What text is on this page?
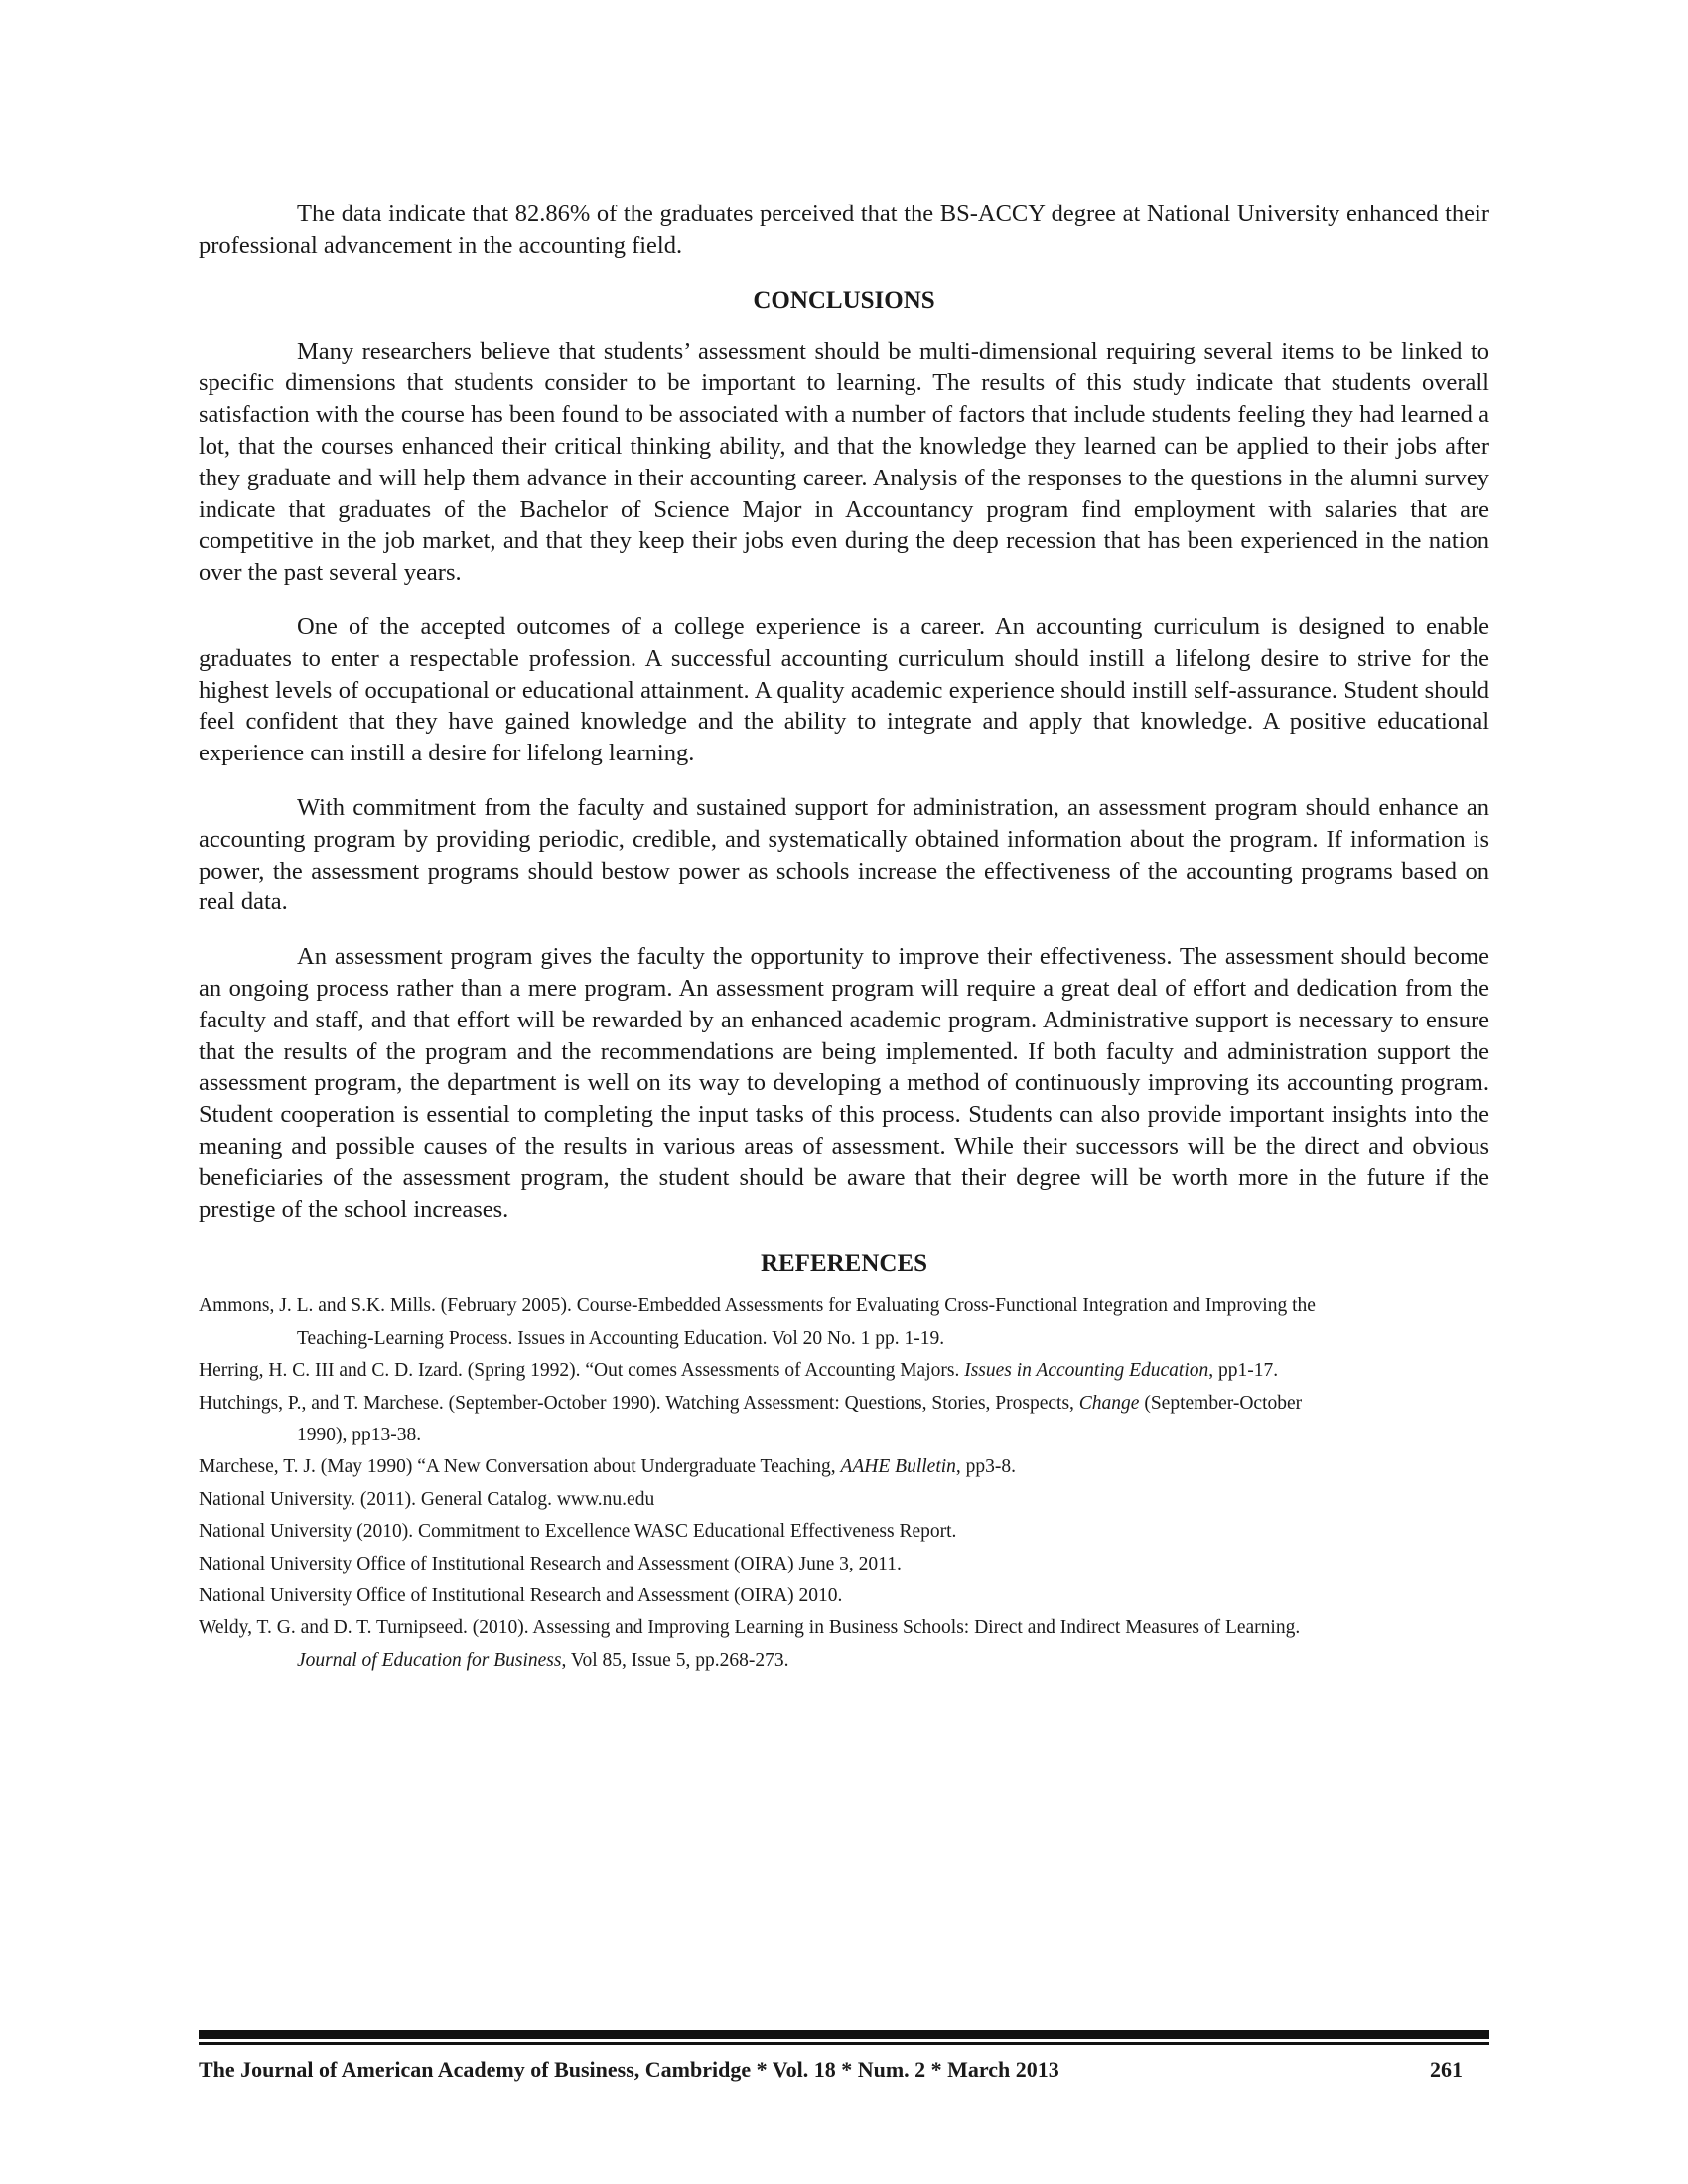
The data indicate that 82.86% of the graduates perceived that the BS-ACCY degree at National University enhanced their professional advancement in the accounting field.

CONCLUSIONS

Many researchers believe that students’ assessment should be multi-dimensional requiring several items to be linked to specific dimensions that students consider to be important to learning. The results of this study indicate that students overall satisfaction with the course has been found to be associated with a number of factors that include students feeling they had learned a lot, that the courses enhanced their critical thinking ability, and that the knowledge they learned can be applied to their jobs after they graduate and will help them advance in their accounting career. Analysis of the responses to the questions in the alumni survey indicate that graduates of the Bachelor of Science Major in Accountancy program find employment with salaries that are competitive in the job market, and that they keep their jobs even during the deep recession that has been experienced in the nation over the past several years.

One of the accepted outcomes of a college experience is a career. An accounting curriculum is designed to enable graduates to enter a respectable profession. A successful accounting curriculum should instill a lifelong desire to strive for the highest levels of occupational or educational attainment. A quality academic experience should instill self-assurance. Student should feel confident that they have gained knowledge and the ability to integrate and apply that knowledge. A positive educational experience can instill a desire for lifelong learning.

With commitment from the faculty and sustained support for administration, an assessment program should enhance an accounting program by providing periodic, credible, and systematically obtained information about the program. If information is power, the assessment programs should bestow power as schools increase the effectiveness of the accounting programs based on real data.

An assessment program gives the faculty the opportunity to improve their effectiveness. The assessment should become an ongoing process rather than a mere program. An assessment program will require a great deal of effort and dedication from the faculty and staff, and that effort will be rewarded by an enhanced academic program. Administrative support is necessary to ensure that the results of the program and the recommendations are being implemented. If both faculty and administration support the assessment program, the department is well on its way to developing a method of continuously improving its accounting program. Student cooperation is essential to completing the input tasks of this process. Students can also provide important insights into the meaning and possible causes of the results in various areas of assessment. While their successors will be the direct and obvious beneficiaries of the assessment program, the student should be aware that their degree will be worth more in the future if the prestige of the school increases.

REFERENCES
Ammons, J. L. and S.K. Mills. (February 2005). Course-Embedded Assessments for Evaluating Cross-Functional Integration and Improving the
Teaching-Learning Process. Issues in Accounting Education. Vol 20 No. 1 pp. 1-19.
Herring, H. C. III and C. D. Izard. (Spring 1992). “Out comes Assessments of Accounting Majors. Issues in Accounting Education, pp1-17.
Hutchings, P., and T. Marchese. (September-October 1990). Watching Assessment: Questions, Stories, Prospects, Change (September-October
1990), pp13-38.
Marchese, T. J. (May 1990) “A New Conversation about Undergraduate Teaching, AAHE Bulletin, pp3-8.
National University. (2011). General Catalog. www.nu.edu
National University (2010). Commitment to Excellence WASC Educational Effectiveness Report.
National University Office of Institutional Research and Assessment (OIRA) June 3, 2011.
National University Office of Institutional Research and Assessment (OIRA) 2010.
Weldy, T. G. and D. T. Turnipseed. (2010). Assessing and Improving Learning in Business Schools: Direct and Indirect Measures of Learning.
Journal of Education for Business, Vol 85, Issue 5, pp.268-273.
The Journal of American Academy of Business, Cambridge * Vol. 18 * Num. 2 * March 2013	261
